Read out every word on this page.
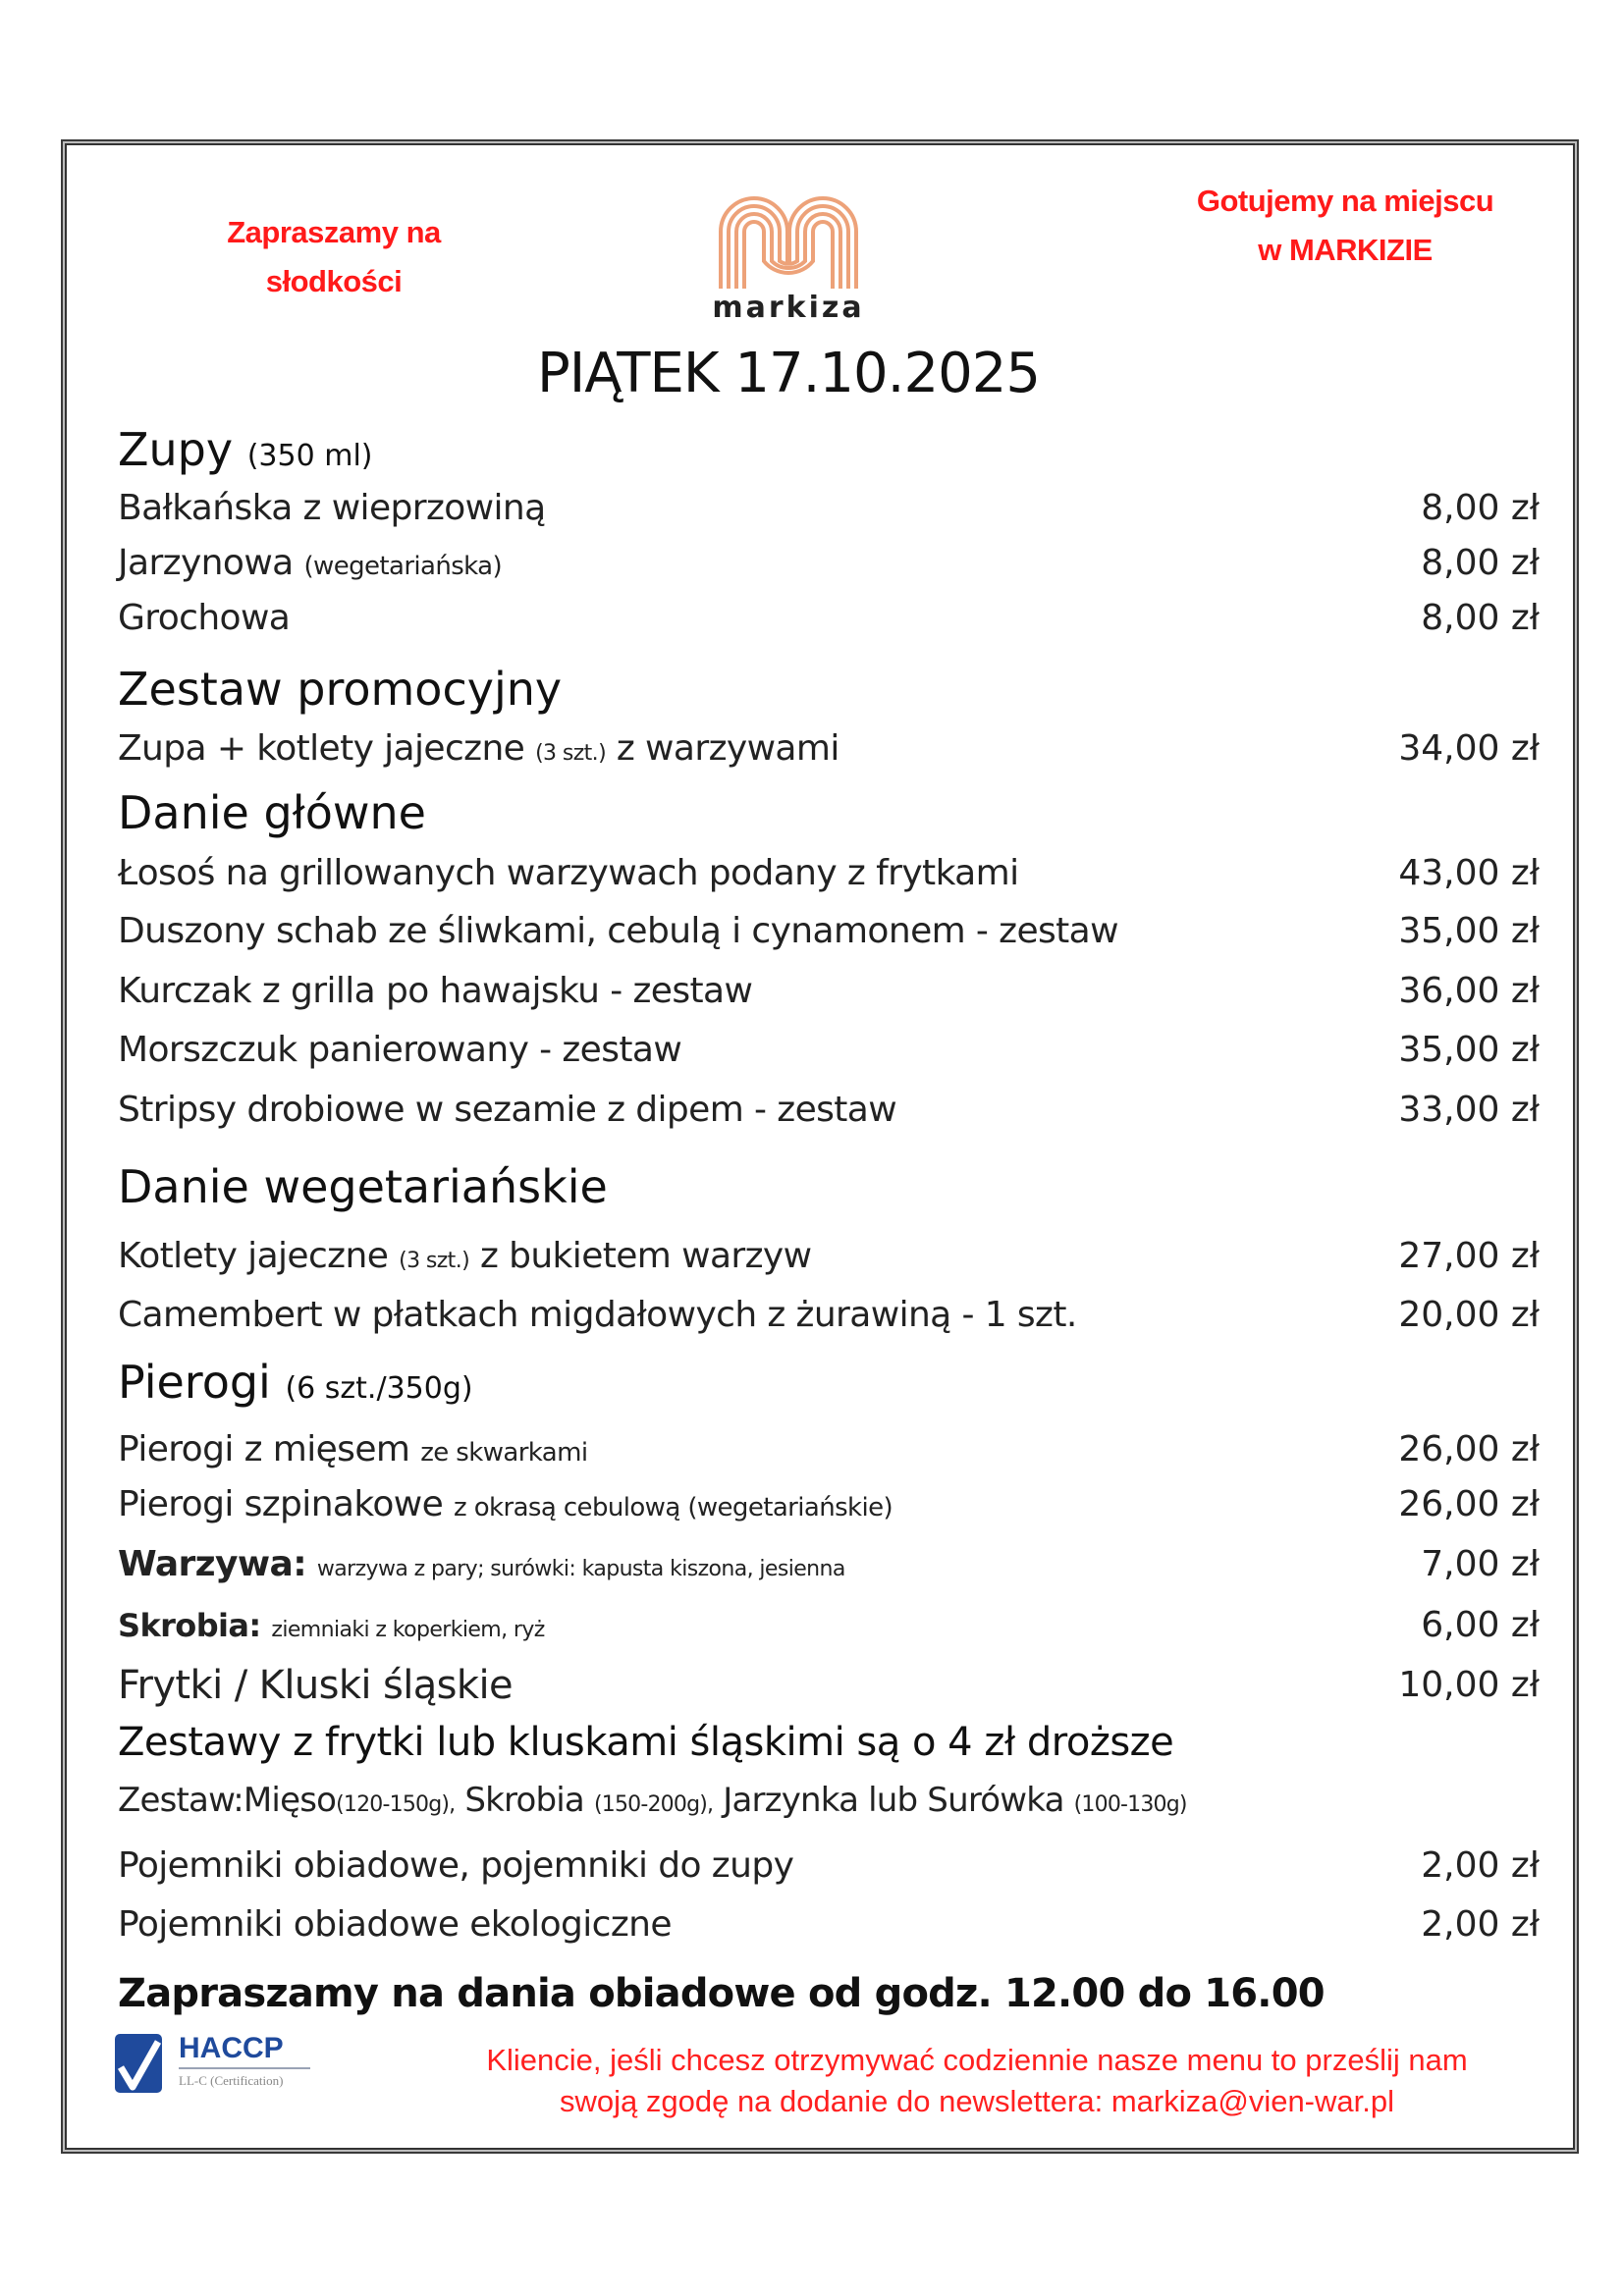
Zapraszamy na
słodkości
Gotujemy na miejscu
w MARKIZIE
markiza
PIĄTEK 17.10.2025
Zupy (350 ml)
Bałkańska z wieprzowiną	8,00 zł
Jarzynowa (wegetariańska)	8,00 zł
Grochowa	8,00 zł
Zestaw promocyjny
Zupa + kotlety jajeczne (3 szt.) z warzywami	34,00 zł
Danie główne
Łosoś na grillowanych warzywach podany z frytkami	43,00 zł
Duszony schab ze śliwkami, cebulą i cynamonem - zestaw	35,00 zł
Kurczak z grilla po hawajsku - zestaw	36,00 zł
Morszczuk panierowany - zestaw	35,00 zł
Stripsy drobiowe w sezamie z dipem - zestaw	33,00 zł
Danie wegetariańskie
Kotlety jajeczne (3 szt.) z bukietem warzyw	27,00 zł
Camembert w płatkach migdałowych z żurawiną - 1 szt.	20,00 zł
Pierogi (6 szt./350g)
Pierogi z mięsem ze skwarkami	26,00 zł
Pierogi szpinakowe z okrasą cebulową (wegetariańskie)	26,00 zł
Warzywa: warzywa z pary; surówki: kapusta kiszona, jesienna	7,00 zł
Skrobia: ziemniaki z koperkiem, ryż	6,00 zł
Frytki / Kluski śląskie	10,00 zł
Zestawy z frytki lub kluskami śląskimi są o 4 zł droższe
Zestaw:Mięso(120-150g), Skrobia (150-200g), Jarzynka lub Surówka (100-130g)
Pojemniki obiadowe, pojemniki do zupy	2,00 zł
Pojemniki obiadowe ekologiczne	2,00 zł
Zapraszamy na dania obiadowe od godz. 12.00 do 16.00
HACCP
LL-C (Certification)
Kliencie, jeśli chcesz otrzymywać codziennie nasze menu to prześlij nam
swoją zgodę na dodanie do newslettera: markiza@vien-war.pl
